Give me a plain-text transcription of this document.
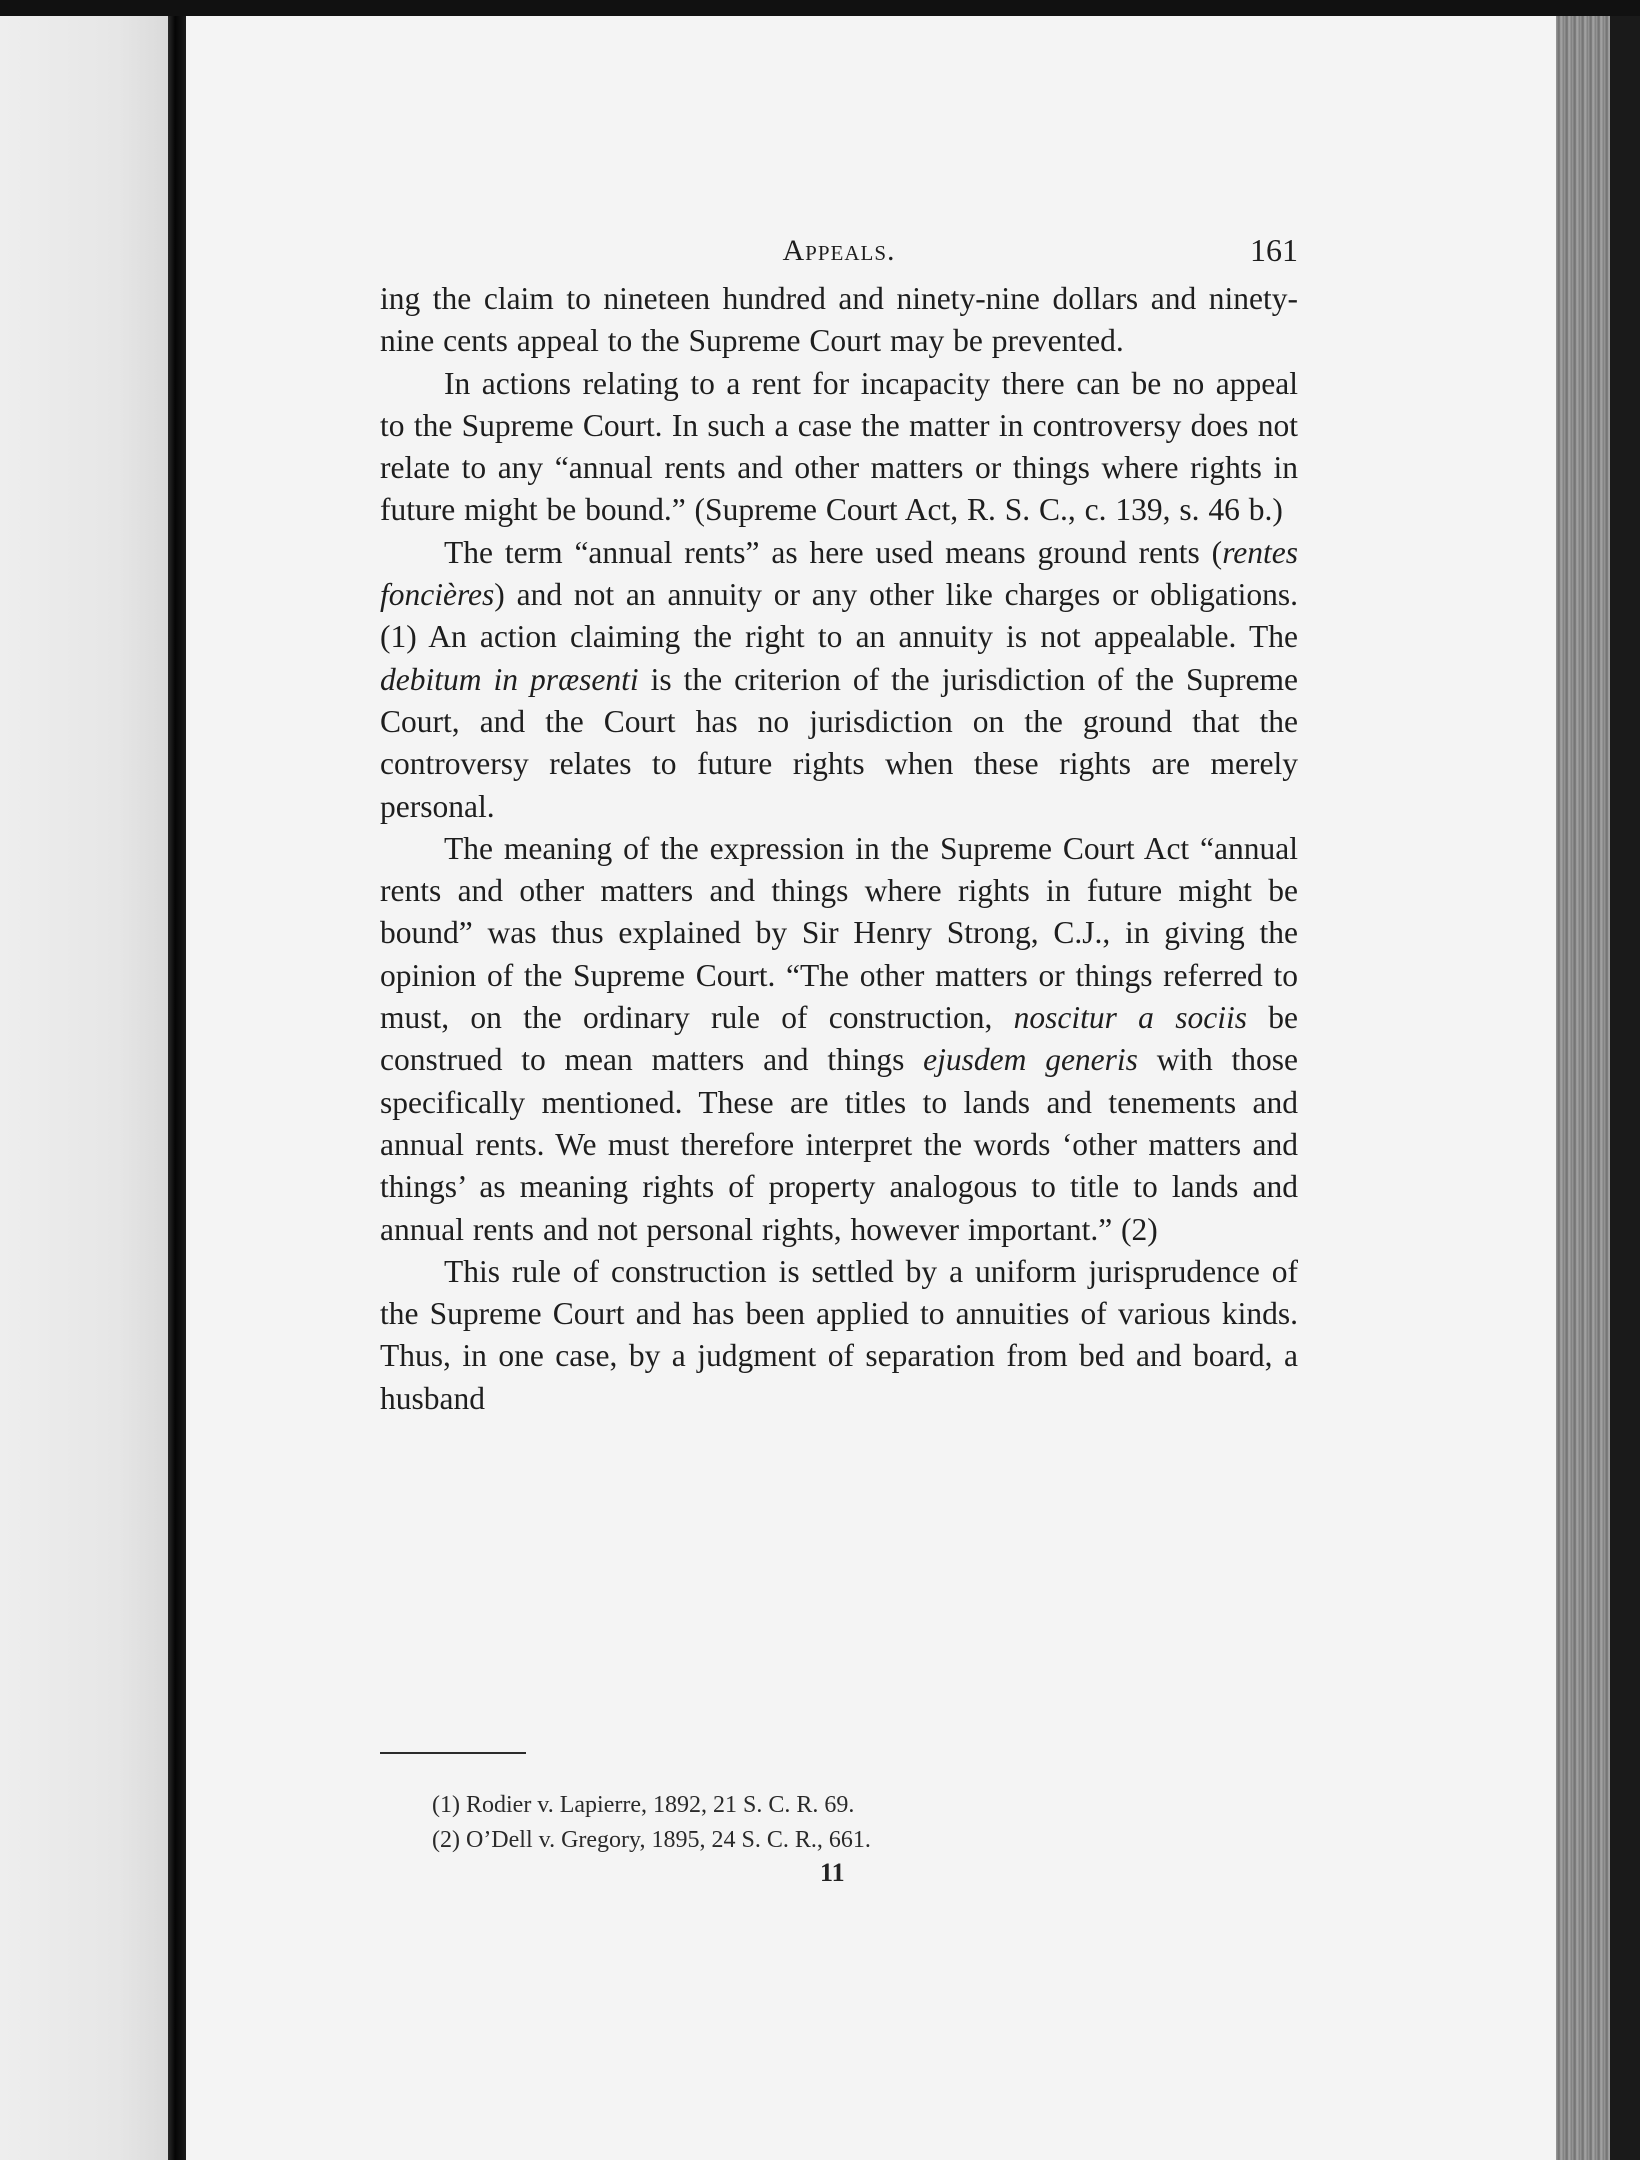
Appeals.	161

ing the claim to nineteen hundred and ninety-nine dollars and ninety-nine cents appeal to the Supreme Court may be prevented.

In actions relating to a rent for incapacity there can be no appeal to the Supreme Court. In such a case the matter in controversy does not relate to any “annual rents and other matters or things where rights in future might be bound.” (Supreme Court Act, R. S. C., c. 139, s. 46 b.)

The term “annual rents” as here used means ground rents (rentes foncières) and not an annuity or any other like charges or obligations. (1) An action claiming the right to an annuity is not appealable. The debitum in præsenti is the criterion of the jurisdiction of the Supreme Court, and the Court has no jurisdiction on the ground that the controversy relates to future rights when these rights are merely personal.

The meaning of the expression in the Supreme Court Act “annual rents and other matters and things where rights in future might be bound” was thus explained by Sir Henry Strong, C.J., in giving the opinion of the Supreme Court. “The other matters or things referred to must, on the ordinary rule of construction, noscitur a sociis be construed to mean matters and things ejusdem generis with those specifically mentioned. These are titles to lands and tenements and annual rents. We must therefore interpret the words ‘other matters and things’ as meaning rights of property analogous to title to lands and annual rents and not personal rights, however important.” (2)

This rule of construction is settled by a uniform jurisprudence of the Supreme Court and has been applied to annuities of various kinds. Thus, in one case, by a judgment of separation from bed and board, a husband

(1) Rodier v. Lapierre, 1892, 21 S. C. R. 69.
(2) O’Dell v. Gregory, 1895, 24 S. C. R., 661.
11
